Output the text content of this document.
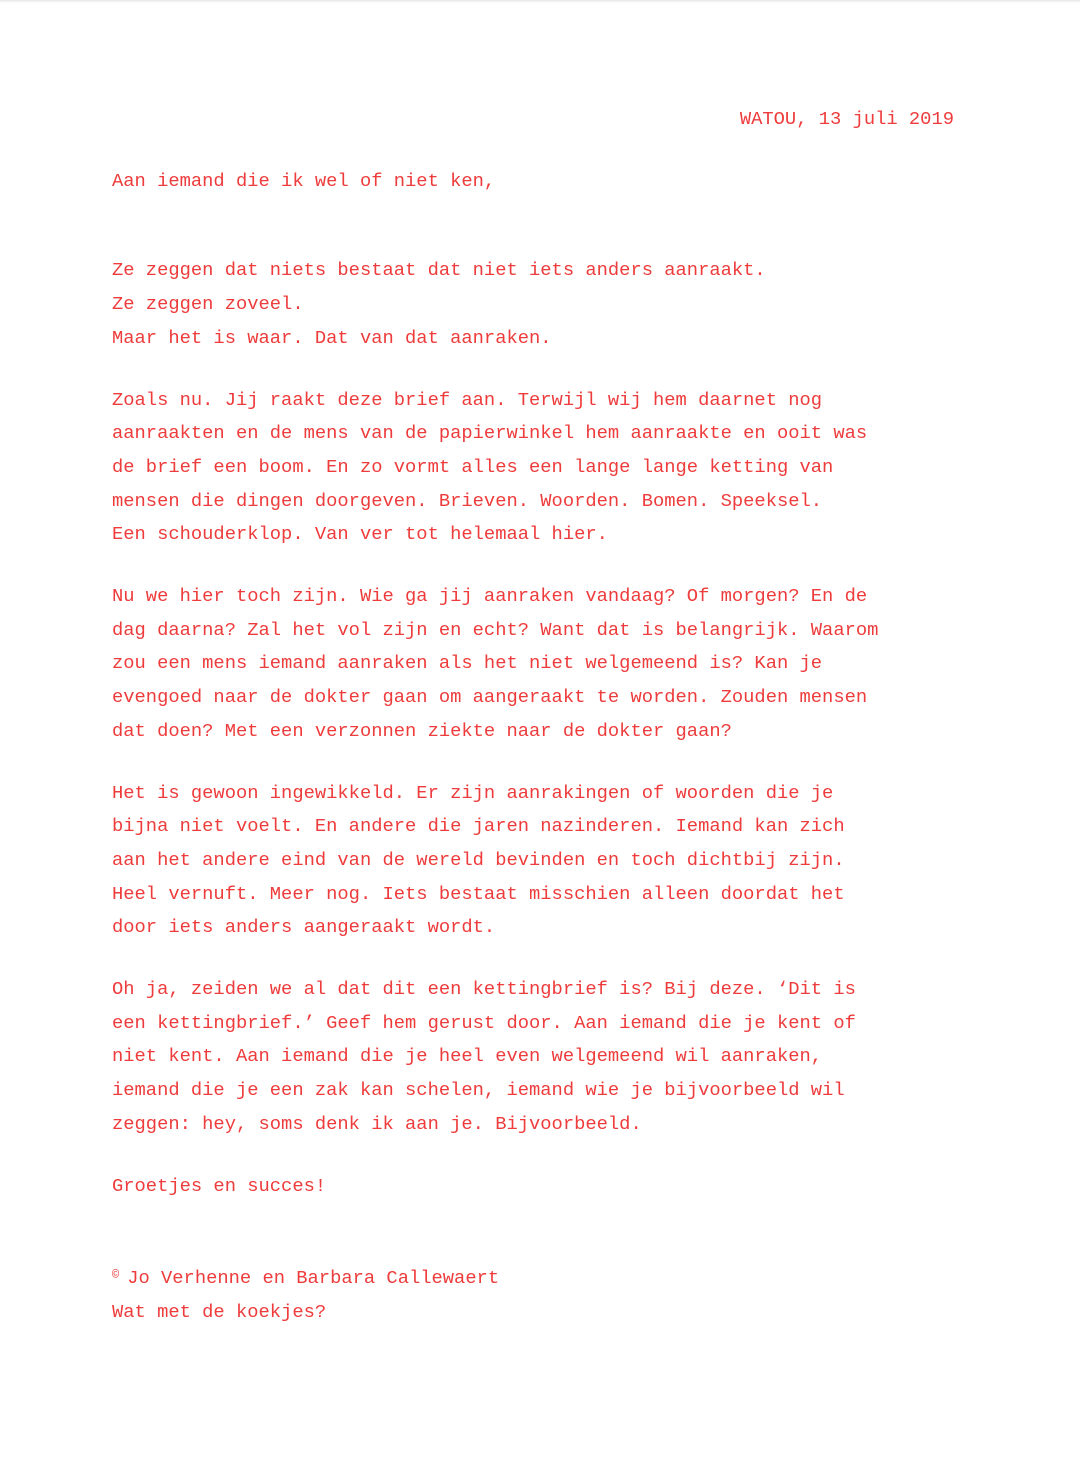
WATOU, 13 juli 2019

Aan iemand die ik wel of niet ken,

Ze zeggen dat niets bestaat dat niet iets anders aanraakt.
Ze zeggen zoveel.
Maar het is waar. Dat van dat aanraken.

Zoals nu. Jij raakt deze brief aan. Terwijl wij hem daarnet nog
aanraakten en de mens van de papierwinkel hem aanraakte en ooit was
de brief een boom. En zo vormt alles een lange lange ketting van
mensen die dingen doorgeven. Brieven. Woorden. Bomen. Speeksel.
Een schouderklop. Van ver tot helemaal hier.

Nu we hier toch zijn. Wie ga jij aanraken vandaag? Of morgen? En de
dag daarna? Zal het vol zijn en echt? Want dat is belangrijk. Waarom
zou een mens iemand aanraken als het niet welgemeend is? Kan je
evengoed naar de dokter gaan om aangeraakt te worden. Zouden mensen
dat doen? Met een verzonnen ziekte naar de dokter gaan?

Het is gewoon ingewikkeld. Er zijn aanrakingen of woorden die je
bijna niet voelt. En andere die jaren nazinderen. Iemand kan zich
aan het andere eind van de wereld bevinden en toch dichtbij zijn.
Heel vernuft. Meer nog. Iets bestaat misschien alleen doordat het
door iets anders aangeraakt wordt.

Oh ja, zeiden we al dat dit een kettingbrief is? Bij deze. ‘Dit is
een kettingbrief.’ Geef hem gerust door. Aan iemand die je kent of
niet kent. Aan iemand die je heel even welgemeend wil aanraken,
iemand die je een zak kan schelen, iemand wie je bijvoorbeeld wil
zeggen: hey, soms denk ik aan je. Bijvoorbeeld.

Groetjes en succes!

© Jo Verhenne en Barbara Callewaert

Wat met de koekjes?
